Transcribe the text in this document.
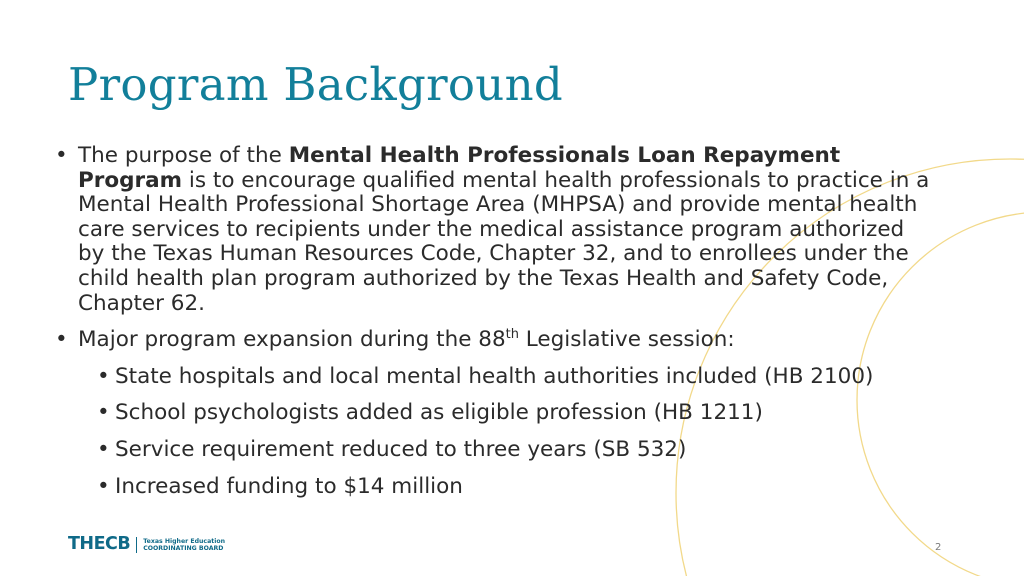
Program Background
• The purpose of the Mental Health Professionals Loan Repayment Program is to encourage qualified mental health professionals to practice in a Mental Health Professional Shortage Area (MHPSA) and provide mental health care services to recipients under the medical assistance program authorized by the Texas Human Resources Code, Chapter 32, and to enrollees under the child health plan program authorized by the Texas Health and Safety Code, Chapter 62.
• Major program expansion during the 88th Legislative session:
• State hospitals and local mental health authorities included (HB 2100)
• School psychologists added as eligible profession (HB 1211)
• Service requirement reduced to three years (SB 532)
• Increased funding to $14 million
THECB Texas Higher Education
COORDINATING BOARD	2
